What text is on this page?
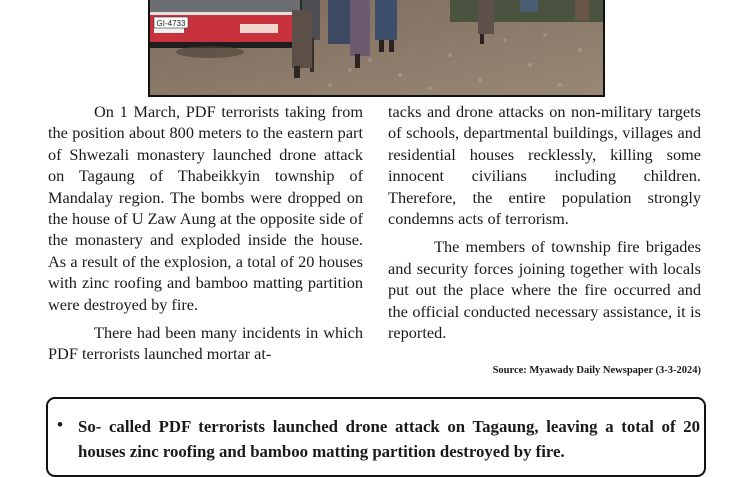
GI-4733

On 1 March, PDF terrorists taking from the position about 800 meters to the eastern part of Shwezali monastery launched drone attack on Tagaung of Thabeikkyin township of Mandalay region. The bombs were dropped on the house of U Zaw Aung at the opposite side of the monastery and exploded inside the house. As a result of the explosion, a total of 20 houses with zinc roofing and bamboo matting partition were destroyed by fire.

There had been many incidents in which PDF terrorists launched mortar at-

tacks and drone attacks on non-military targets of schools, departmental buildings, villages and residential houses recklessly, killing some innocent civilians including children. Therefore, the entire population strongly condemns acts of terrorism.

The members of township fire brigades and security forces joining together with locals put out the place where the fire occurred and the official conducted necessary assistance, it is reported.

Source: Myawady Daily Newspaper (3-3-2024)
• So- called PDF terrorists launched drone attack on Tagaung, leaving a total of 20 houses zinc roofing and bamboo matting partition destroyed by fire.
